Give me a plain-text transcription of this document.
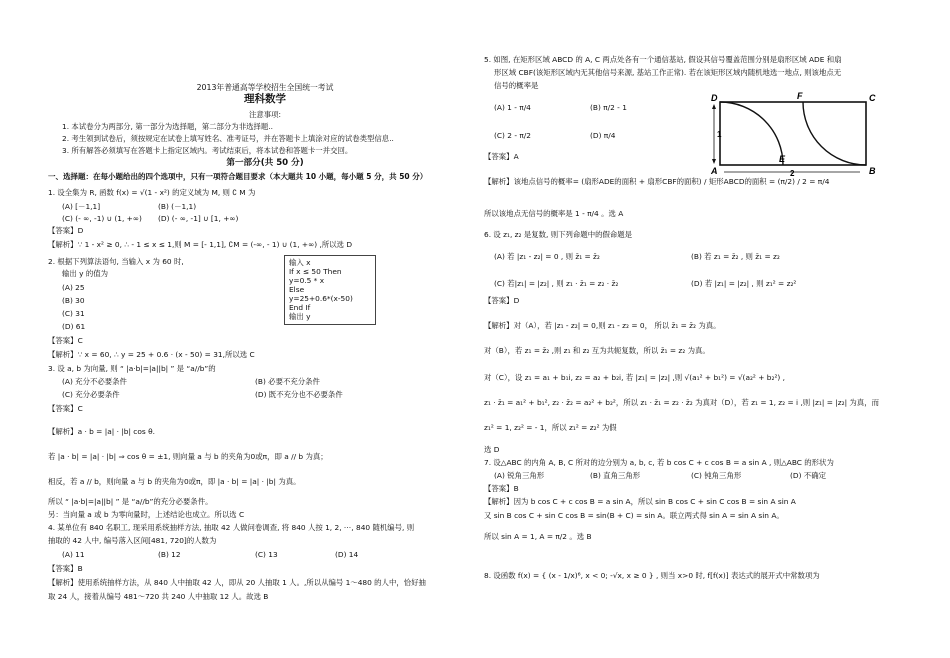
2013年普通高等学校招生全国统一考试
理科数学
注意事项:
1. 本试卷分为两部分, 第一部分为选择题，第二部分为非选择题..
2. 考生领到试卷后，须按规定在试卷上填写姓名、准考证号，并在答题卡上填涂对应的试卷类型信息..
3. 所有解答必须填写在答题卡上指定区域内。考试结束后，将本试卷和答题卡一并交回。
第一部分(共 50 分)
一、选择题：在每小题给出的四个选项中，只有一项符合题目要求（本大题共 10 小题，每小题 5 分，共 50 分）
1. 设全集为 R, 函数 f(x) = √(1 - x²) 的定义域为 M, 则 ∁ M 为
(A) [－1,1]	(B) (－1,1)
(C) (- ∞, -1) ∪ (1, +∞) (D) (- ∞, -1] ∪ [1, +∞)
【答案】D
【解析】∵ 1 - x² ≥ 0, ∴ - 1 ≤ x ≤ 1,则 M = [- 1,1], ∁M = (-∞, - 1) ∪ (1, +∞) ,所以选 D
2. 根据下列算法语句, 当输入 x 为 60 时,
输出 y 的值为
(A) 25
(B) 30
(C) 31
(D) 61
输入 x
If x ≤ 50 Then
y=0.5 * x
Else
y=25+0.6*(x-50)
End If
输出 y
【答案】C
【解析】∵ x = 60, ∴ y = 25 + 0.6 · (x - 50) = 31,所以选 C
3. 设 a, b 为向量, 则 “ |a·b|=|a||b| ” 是 “a//b”的
(A) 充分不必要条件	(B) 必要不充分条件
(C) 充分必要条件	(D) 既不充分也不必要条件
【答案】C
【解析】a · b = |a| · |b| cos θ.
若 |a · b| = |a| · |b| ⇒ cos θ = ±1, 则向量 a 与 b 的夹角为0或π，即 a // b 为真；
相反，若 a // b，则向量 a 与 b 的夹角为0或π，即 |a · b| = |a| · |b| 为真。
所以 “ |a·b|=|a||b| ” 是 “a//b”的充分必要条件。
另：当向量 a 或 b 为零向量时，上述结论也成立。所以选 C
4. 某单位有 840 名职工, 现采用系统抽样方法, 抽取 42 人做问卷调查, 将 840 人按 1, 2, ⋯, 840 随机编号, 则
抽取的 42 人中, 编号落入区间[481, 720]的人数为
(A) 11	(B) 12	(C) 13	(D) 14
【答案】B
【解析】使用系统抽样方法，从 840 人中抽取 42 人，即从 20 人抽取 1 人。,所以从编号 1～480 的人中，恰好抽
取 24 人，接着从编号 481～720 共 240 人中抽取 12 人。故选 B
5. 如图, 在矩形区域 ABCD 的 A, C 两点处各有一个通信基站, 假设其信号覆盖范围分别是扇形区域 ADE 和扇
形区域 CBF(该矩形区域内无其他信号来源, 基站工作正常). 若在该矩形区域内随机地选一地点, 则该地点无
信号的概率是
(A) 1 - π/4	(B) π/2 - 1
(C) 2 - π/2	(D) π/4
【答案】A
D	F	C
A
E
B
1
2
【解析】该地点信号的概率= (扇形ADE的面积 + 扇形CBF的面积) / 矩形ABCD的面积 = (π/2) / 2 = π/4
所以该地点无信号的概率是 1 - π/4 。选 A
6. 设 z₁, z₂ 是复数, 则下列命题中的假命题是
(A) 若 |z₁ - z₂| = 0 , 则 z̄₁ = z̄₂	(B) 若 z₁ = z̄₂ , 则 z̄₁ = z₂
(C) 若|z₁| = |z₂| , 则 z₁ · z̄₁ = z₂ · z̄₂	(D) 若 |z₁| = |z₂| , 则 z₁² = z₂²
【答案】D
【解析】对（A），若 |z₁ - z₂| = 0,则 z₁ - z₂ = 0， 所以 z̄₁ = z̄₂ 为真。
对（B），若 z₁ = z̄₂ ,则 z₁ 和 z₂ 互为共轭复数，所以 z̄₁ = z₂ 为真。
对（C），设 z₁ = a₁ + b₁i, z₂ = a₂ + b₂i, 若 |z₁| = |z₂| ,则 √(a₁² + b₁²) = √(a₂² + b₂²) ,
z₁ · z̄₁ = a₁² + b₁², z₂ · z̄₂ = a₂² + b₂²，所以 z₁ · z̄₁ = z₂ · z̄₂ 为真对（D），若 z₁ = 1, z₂ = i ,则 |z₁| = |z₂| 为真，而
z₁² = 1, z₂² = - 1，所以 z₁² = z₂² 为假
选 D
7. 设△ABC 的内角 A, B, C 所对的边分别为 a, b, c, 若 b cos C + c cos B = a sin A , 则△ABC 的形状为
(A) 锐角三角形	(B) 直角三角形	(C) 钝角三角形	(D) 不确定
【答案】B
【解析】因为 b cos C + c cos B = a sin A，所以 sin B cos C + sin C cos B = sin A sin A
又 sin B cos C + sin C cos B = sin(B + C) = sin A。联立两式得 sin A = sin A sin A。
所以 sin A = 1, A = π/2 。选 B
8. 设函数 f(x) = { (x - 1/x)⁶, x < 0; -√x, x ≥ 0 } , 则当 x>0 时, f[f(x)] 表达式的展开式中常数项为
